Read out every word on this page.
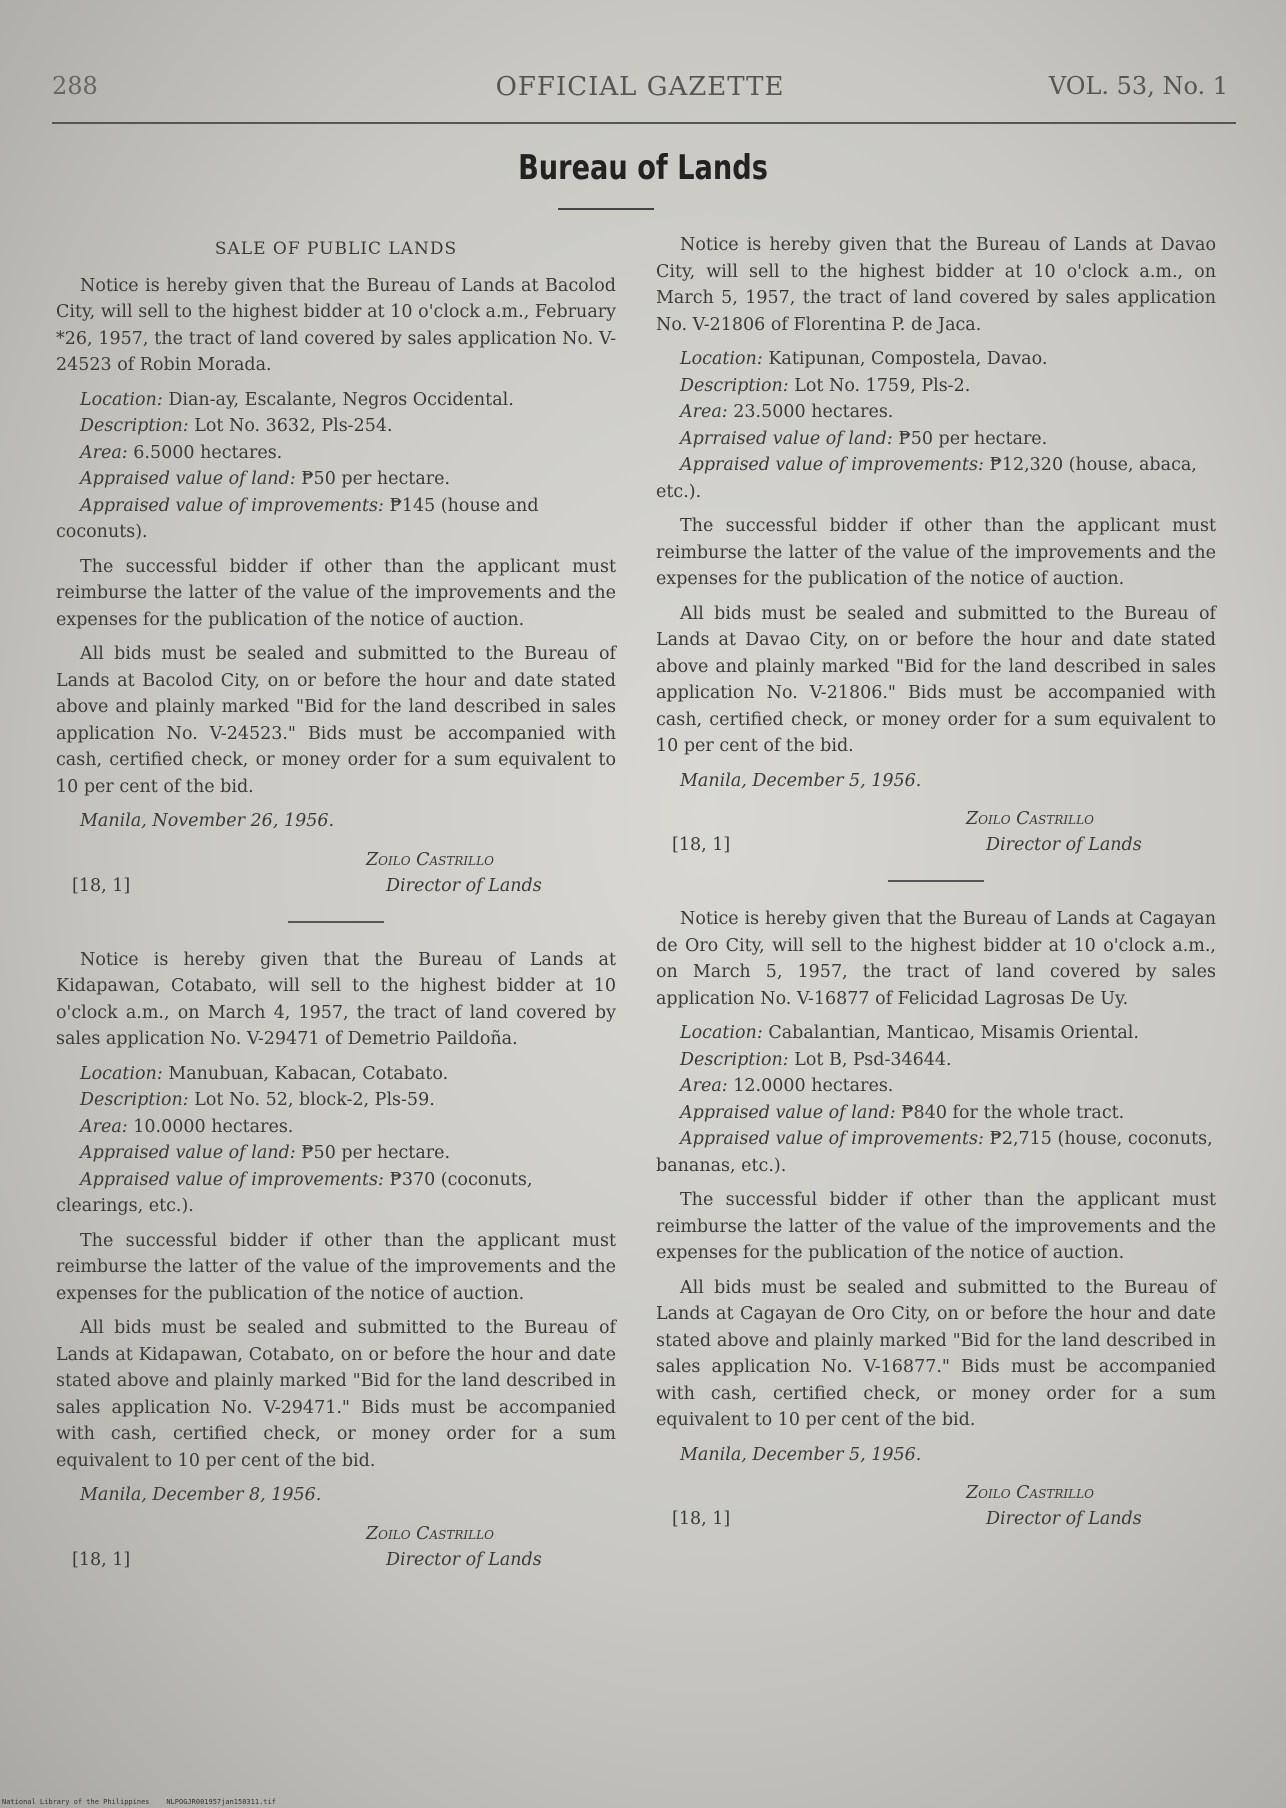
288	OFFICIAL GAZETTE	VOL. 53, No. 1
Bureau of Lands
SALE OF PUBLIC LANDS

Notice is hereby given that the Bureau of Lands at Bacolod City, will sell to the highest bidder at 10 o'clock a.m., February *26, 1957, the tract of land covered by sales application No. V-24523 of Robin Morada.

Location: Dian-ay, Escalante, Negros Occidental.
Description: Lot No. 3632, Pls-254.
Area: 6.5000 hectares.
Appraised value of land: ₱50 per hectare.
Appraised value of improvements: ₱145 (house and coconuts).

The successful bidder if other than the applicant must reimburse the latter of the value of the improvements and the expenses for the publication of the notice of auction.

All bids must be sealed and submitted to the Bureau of Lands at Bacolod City, on or before the hour and date stated above and plainly marked "Bid for the land described in sales application No. V-24523." Bids must be accompanied with cash, certified check, or money order for a sum equivalent to 10 per cent of the bid.

Manila, November 26, 1956.
[18, 1]
Zoilo Castrillo
Director of Lands

Notice is hereby given that the Bureau of Lands at Kidapawan, Cotabato, will sell to the highest bidder at 10 o'clock a.m., on March 4, 1957, the tract of land covered by sales application No. V-29471 of Demetrio Paildoña.

Location: Manubuan, Kabacan, Cotabato.
Description: Lot No. 52, block-2, Pls-59.
Area: 10.0000 hectares.
Appraised value of land: ₱50 per hectare.
Appraised value of improvements: ₱370 (coconuts, clearings, etc.).

The successful bidder if other than the applicant must reimburse the latter of the value of the improvements and the expenses for the publication of the notice of auction.

All bids must be sealed and submitted to the Bureau of Lands at Kidapawan, Cotabato, on or before the hour and date stated above and plainly marked "Bid for the land described in sales application No. V-29471." Bids must be accompanied with cash, certified check, or money order for a sum equivalent to 10 per cent of the bid.

Manila, December 8, 1956.
[18, 1]
Zoilo Castrillo
Director of Lands

Notice is hereby given that the Bureau of Lands at Davao City, will sell to the highest bidder at 10 o'clock a.m., on March 5, 1957, the tract of land covered by sales application No. V-21806 of Florentina P. de Jaca.

Location: Katipunan, Compostela, Davao.
Description: Lot No. 1759, Pls-2.
Area: 23.5000 hectares.
Aprraised value of land: ₱50 per hectare.
Appraised value of improvements: ₱12,320 (house, abaca, etc.).

The successful bidder if other than the applicant must reimburse the latter of the value of the improvements and the expenses for the publication of the notice of auction.

All bids must be sealed and submitted to the Bureau of Lands at Davao City, on or before the hour and date stated above and plainly marked "Bid for the land described in sales application No. V-21806." Bids must be accompanied with cash, certified check, or money order for a sum equivalent to 10 per cent of the bid.

Manila, December 5, 1956.
[18, 1]
Zoilo Castrillo
Director of Lands

Notice is hereby given that the Bureau of Lands at Cagayan de Oro City, will sell to the highest bidder at 10 o'clock a.m., on March 5, 1957, the tract of land covered by sales application No. V-16877 of Felicidad Lagrosas De Uy.

Location: Cabalantian, Manticao, Misamis Oriental.
Description: Lot B, Psd-34644.
Area: 12.0000 hectares.
Appraised value of land: ₱840 for the whole tract.
Appraised value of improvements: ₱2,715 (house, coconuts, bananas, etc.).

The successful bidder if other than the applicant must reimburse the latter of the value of the improvements and the expenses for the publication of the notice of auction.

All bids must be sealed and submitted to the Bureau of Lands at Cagayan de Oro City, on or before the hour and date stated above and plainly marked "Bid for the land described in sales application No. V-16877." Bids must be accompanied with cash, certified check, or money order for a sum equivalent to 10 per cent of the bid.

Manila, December 5, 1956.
[18, 1]
Zoilo Castrillo
Director of Lands
National Library of the Philippines    NLPOGJR001957jan150311.tif
